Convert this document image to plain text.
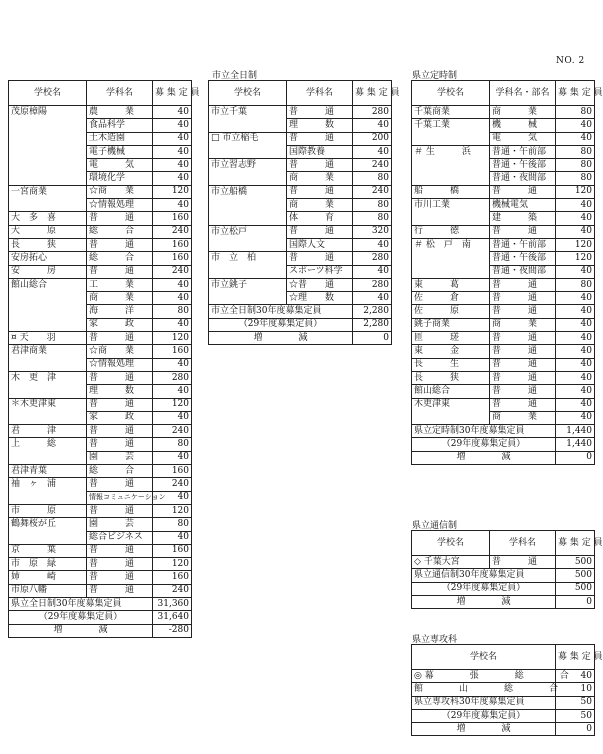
NO. 2
市立全日制	県立定時制
県立通信制
県立専攻科
学校名	学科名	募 集 定 員
茂原樟陽	農　　　業	40
	食品科学	40
	土木造園	40
	電子機械	40
	電　　　気	40
	環境化学	40
一宮商業	☆商　　業	120
	☆情報処理	40
大　多　喜	普　　　通	160
大　　　原	総　　　合	240
長　　　狭	普　　　通	160
安房拓心	総　　　合	160
安　　　房	普　　　通	240
館山総合	工　　　業	40
	商　　　業	40
	海　　　洋	80
	家　　　政	40
¤ 天　　羽	普　　　通	120
君津商業	☆商　　業	160
	☆情報処理	40
木　更　津	普　　　通	280
	理　　　数	40
＊木更津東	普　　　通	120
	家　　　政	40
君　　　津	普　　　通	240
上　　　総	普　　　通	80
	園　　　芸	40
君津青葉	総　　　合	160
袖　ヶ　浦	普　　　通	240
	情報コミュニケーション	40
市　　　原	普　　　通	120
鶴舞桜が丘	園　　　芸	80
	総合ビジネス	40
京　　　葉	普　　　通	160
市　原　緑	普　　　通	120
姉　　　崎	普　　　通	160
市原八幡	普　　　通	240
県立全日制30年度募集定員		31,360
（29年度募集定員）		31,640
増　　　　減		-280
学校名	学科名	募 集 定 員
市立千葉	普　　　通	280
	理　　　数	40
□ 市立稲毛	普　　　通	200
	国際教養	40
市立習志野	普　　　通	240
	商　　　業	80
市立船橋	普　　　通	240
	商　　　業	80
	体　　　育	80
市立松戸	普　　　通	320
	国際人文	40
市　立　柏	普　　　通	280
	スポーツ科学	40
市立銚子	☆普　　通	280
	☆理　　数	40
市立全日制30年度募集定員		2,280
（29年度募集定員）		2,280
増　　　　減		0
学校名	学科名・部名	募 集 定 員
千葉商業	商　　　業	80
千葉工業	機　　　械	40
	電　　　気	40
＃ 生　　　浜	普通・午前部	80
	普通・午後部	80
	普通・夜間部	80
船　　　橋	普　　　通	120
市川工業	機械電気	40
	建　　　築	40
行　　　徳	普　　　通	40
＃ 松　戸　南	普通・午前部	120
	普通・午後部	120
	普通・夜間部	40
東　　　葛	普　　　通	80
佐　　　倉	普　　　通	40
佐　　　原	普　　　通	40
銚子商業	商　　　業	40
匝　　　瑳	普　　　通	40
東　　　金	普　　　通	40
長　　　生	普　　　通	40
長　　　狭	普　　　通	40
館山総合	普　　　通	40
木更津東	普　　　通	40
	商　　　業	40
県立定時制30年度募集定員		1,440
（29年度募集定員）		1,440
増　　　　減		0
学校名	学科名	募 集 定 員
◇ 千葉大宮	普　　　通	500
県立通信制30年度募集定員		500
（29年度募集定員）		500
増　　　　減		0
学校名	募 集 定 員
◎ 幕　　　　張　　　　総　　　　合	40
館　　　　山　　　　総　　　　合	10
県立専攻科30年度募集定員	50
（29年度募集定員）	50
増　　　　減	0
